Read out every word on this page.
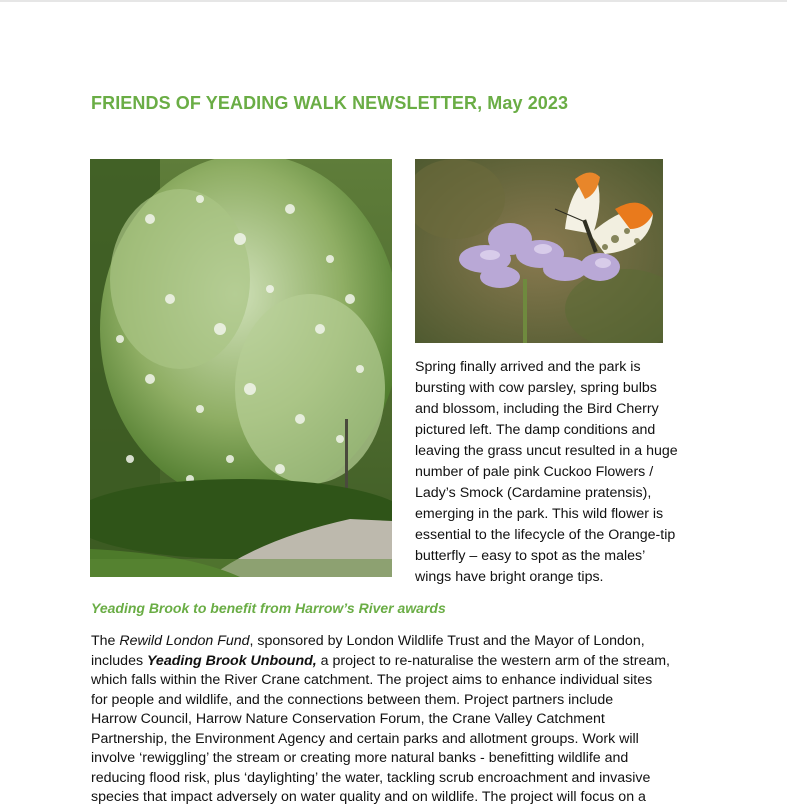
FRIENDS OF YEADING WALK NEWSLETTER, May 2023
Spring finally arrived and the park is
bursting with cow parsley, spring bulbs
and blossom, including the Bird Cherry
pictured left. The damp conditions and
leaving the grass uncut resulted in a huge
number of pale pink Cuckoo Flowers /
Lady’s Smock (Cardamine pratensis),
emerging in the park. This wild flower is
essential to the lifecycle of the Orange-tip
butterfly – easy to spot as the males’
wings have bright orange tips.
Yeading Brook to benefit from Harrow’s River awards
The Rewild London Fund, sponsored by London Wildlife Trust and the Mayor of London,
includes Yeading Brook Unbound, a project to re-naturalise the western arm of the stream,
which falls within the River Crane catchment. The project aims to enhance individual sites
for people and wildlife, and the connections between them. Project partners include
Harrow Council, Harrow Nature Conservation Forum, the Crane Valley Catchment
Partnership, the Environment Agency and certain parks and allotment groups. Work will
involve ‘rewiggling’ the stream or creating more natural banks - benefitting wildlife and
reducing flood risk, plus ‘daylighting’ the water, tackling scrub encroachment and invasive
species that impact adversely on water quality and on wildlife. The project will focus on a
